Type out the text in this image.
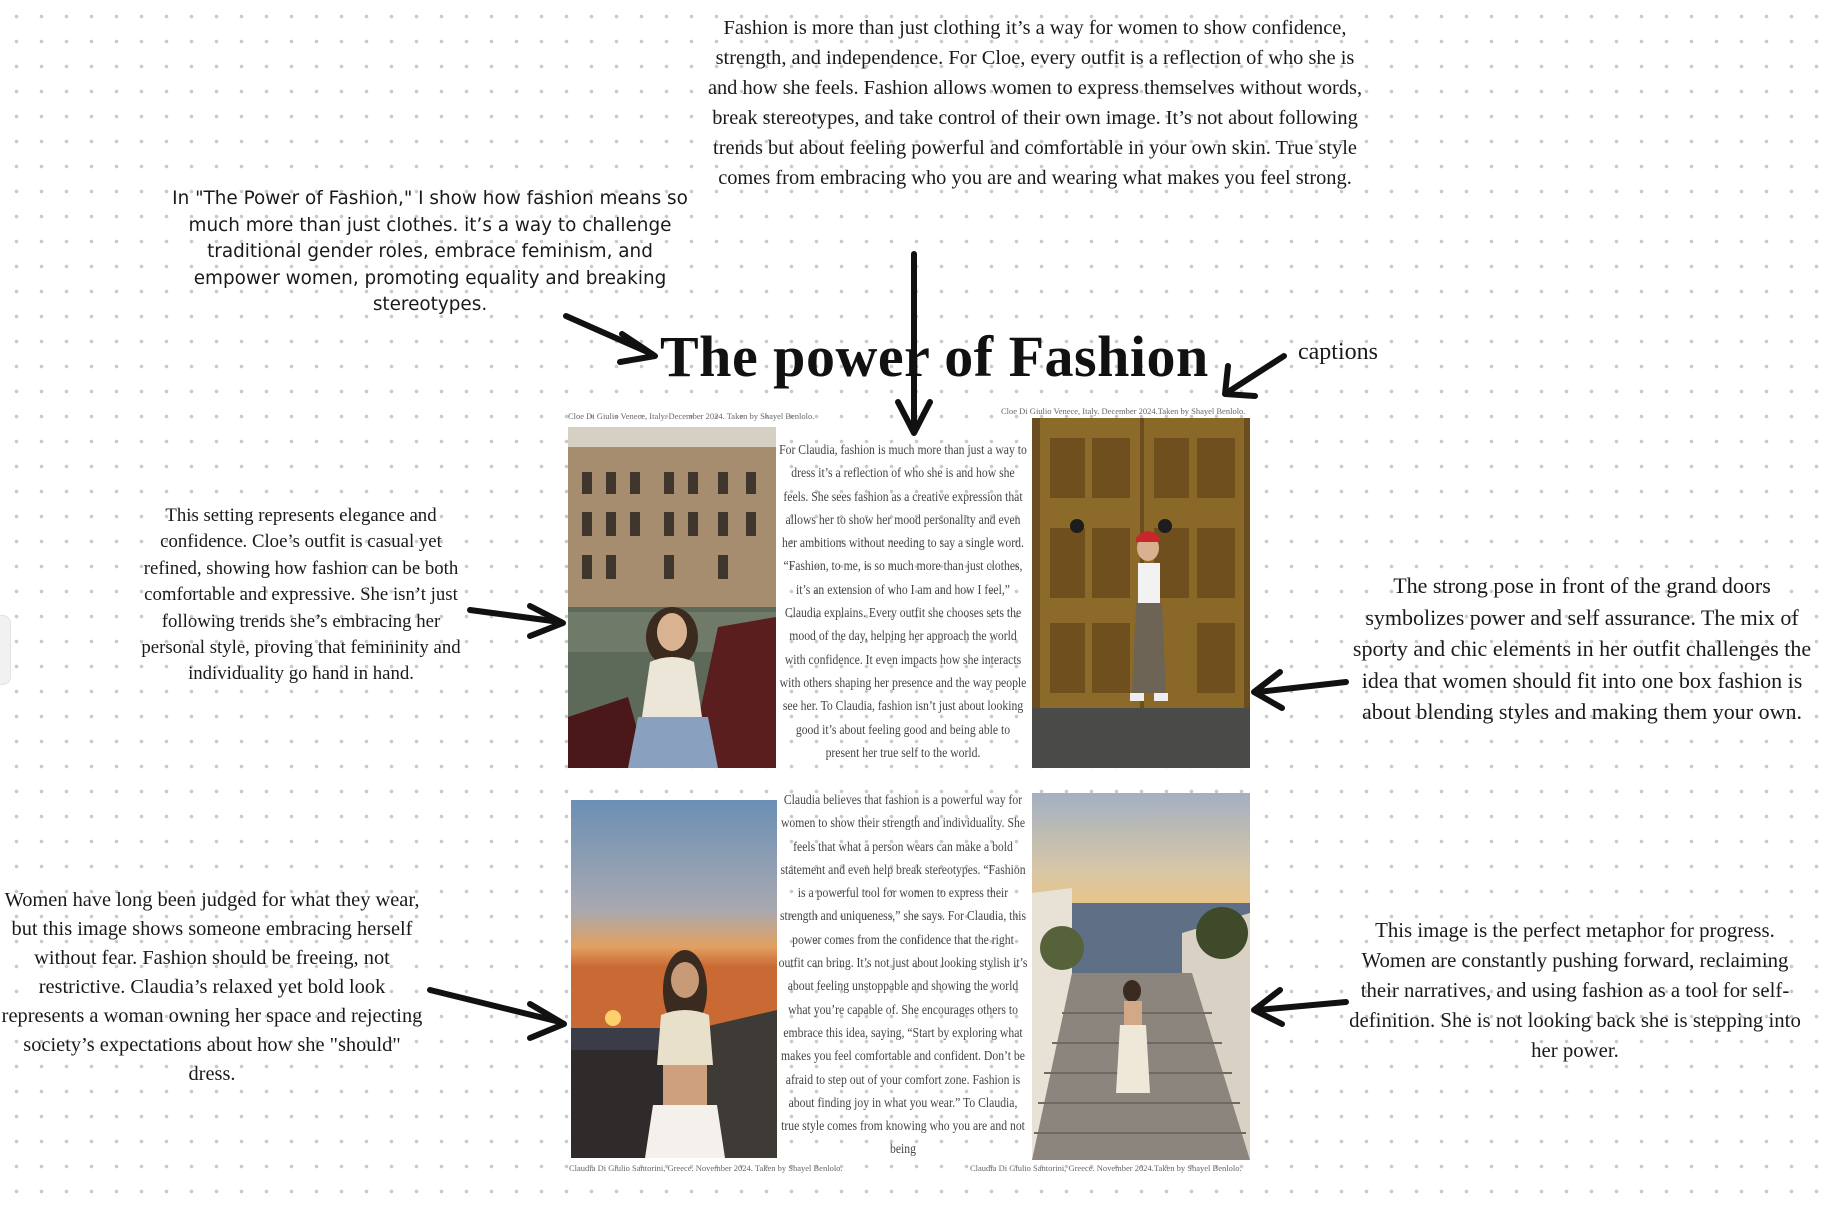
Fashion is more than just clothing it’s a way for women to show confidence, strength, and independence. For Cloe, every outfit is a reflection of who she is and how she feels. Fashion allows women to express themselves without words, break stereotypes, and take control of their own image. It’s not about following trends but about feeling powerful and comfortable in your own skin. True style comes from embracing who you are and wearing what makes you feel strong.
In "The Power of Fashion," I show how fashion means so much more than just clothes. it’s a way to challenge traditional gender roles, embrace feminism, and empower women, promoting equality and breaking stereotypes.
The power of Fashion	captions
Cloe Di Giulio Venece, Italy. December 2024. Taken by Shayel Benlolo.	Cloe Di Giulio Venece, Italy. December 2024.Taken by Shayel Benlolo.
Claudia Di Giulio Santorini, Greece. November 2024. Taken by Shayel Benlolo.	Claudia Di Giulio Santorini, Greece. November 2024.Taken by Shayel Benlolo.
For Claudia, fashion is much more than just a way to dress it’s a reflection of who she is and how she feels. She sees fashion as a creative expression that allows her to show her mood personality and even her ambitions without needing to say a single word. “Fashion, to me, is so much more than just clothes, it’s an extension of who I am and how I feel,” Claudia explains. Every outfit she chooses sets the mood of the day, helping her approach the world with confidence. It even impacts how she interacts with others shaping her presence and the way people see her. To Claudia, fashion isn’t just about looking good it’s about feeling good and being able to present her true self to the world.
Claudia believes that fashion is a powerful way for women to show their strength and individuality. She feels that what a person wears can make a bold statement and even help break stereotypes. “Fashion is a powerful tool for women to express their strength and uniqueness,” she says. For Claudia, this power comes from the confidence that the right outfit can bring. It’s not just about looking stylish it’s about feeling unstoppable and showing the world what you’re capable of. She encourages others to embrace this idea, saying, “Start by exploring what makes you feel comfortable and confident. Don’t be afraid to step out of your comfort zone. Fashion is about finding joy in what you wear.” To Claudia, true style comes from knowing who you are and not being
This setting represents elegance and confidence. Cloe’s outfit is casual yet refined, showing how fashion can be both comfortable and expressive. She isn’t just following trends she’s embracing her personal style, proving that femininity and individuality go hand in hand.
The strong pose in front of the grand doors symbolizes power and self assurance. The mix of sporty and chic elements in her outfit challenges the idea that women should fit into one box fashion is about blending styles and making them your own.
Women have long been judged for what they wear, but this image shows someone embracing herself without fear. Fashion should be freeing, not restrictive. Claudia’s relaxed yet bold look represents a woman owning her space and rejecting society’s expectations about how she "should" dress.
This image is the perfect metaphor for progress. Women are constantly pushing forward, reclaiming their narratives, and using fashion as a tool for self-definition. She is not looking back she is stepping into her power.
